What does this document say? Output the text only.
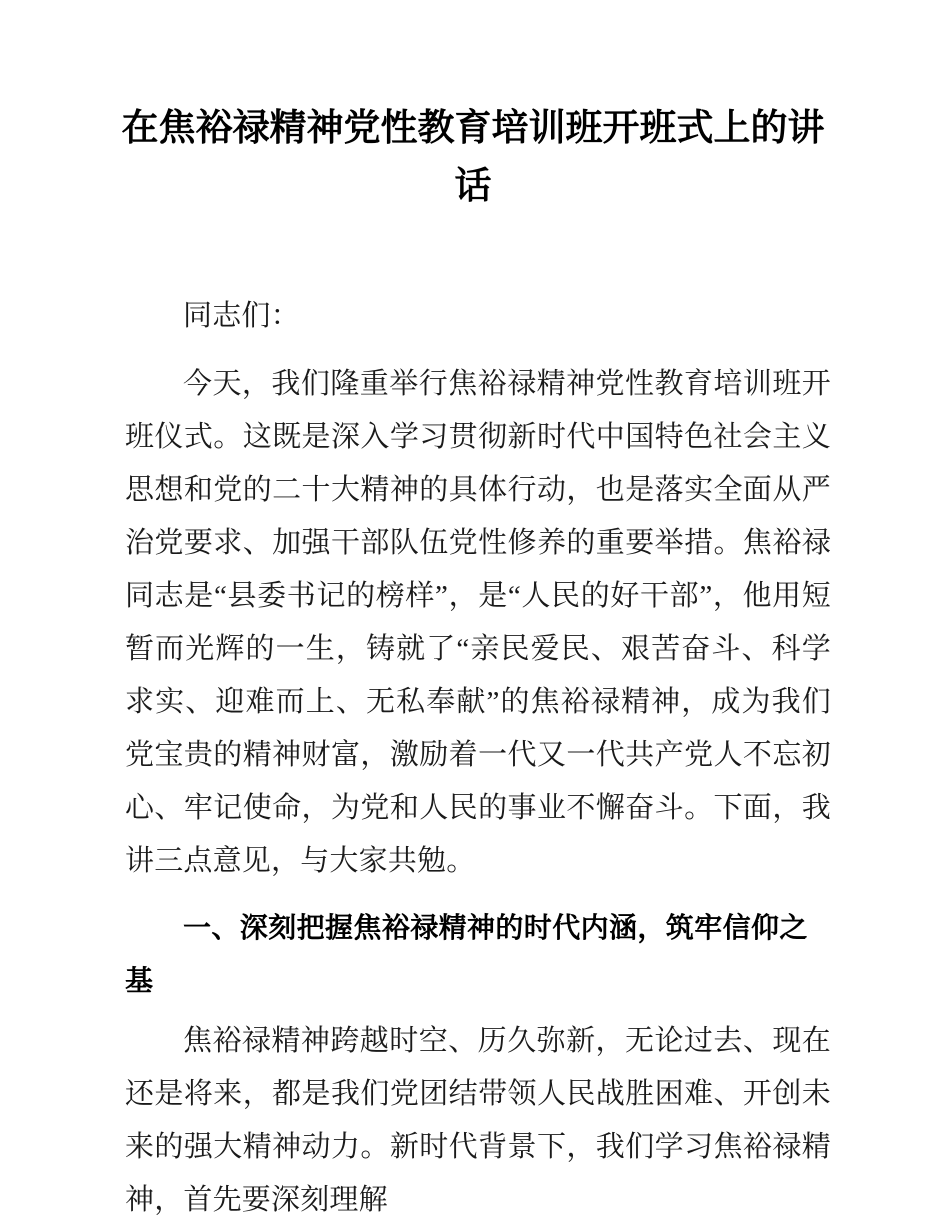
在焦裕禄精神党性教育培训班开班式上的讲话

同志们：

今天，我们隆重举行焦裕禄精神党性教育培训班开班仪式。这既是深入学习贯彻新时代中国特色社会主义思想和党的二十大精神的具体行动，也是落实全面从严治党要求、加强干部队伍党性修养的重要举措。焦裕禄同志是“县委书记的榜样”，是“人民的好干部”，他用短暂而光辉的一生，铸就了“亲民爱民、艰苦奋斗、科学求实、迎难而上、无私奉献”的焦裕禄精神，成为我们党宝贵的精神财富，激励着一代又一代共产党人不忘初心、牢记使命，为党和人民的事业不懈奋斗。下面，我讲三点意见，与大家共勉。

一、深刻把握焦裕禄精神的时代内涵，筑牢信仰之基

焦裕禄精神跨越时空、历久弥新，无论过去、现在还是将来，都是我们党团结带领人民战胜困难、开创未来的强大精神动力。新时代背景下，我们学习焦裕禄精神，首先要深刻理解
